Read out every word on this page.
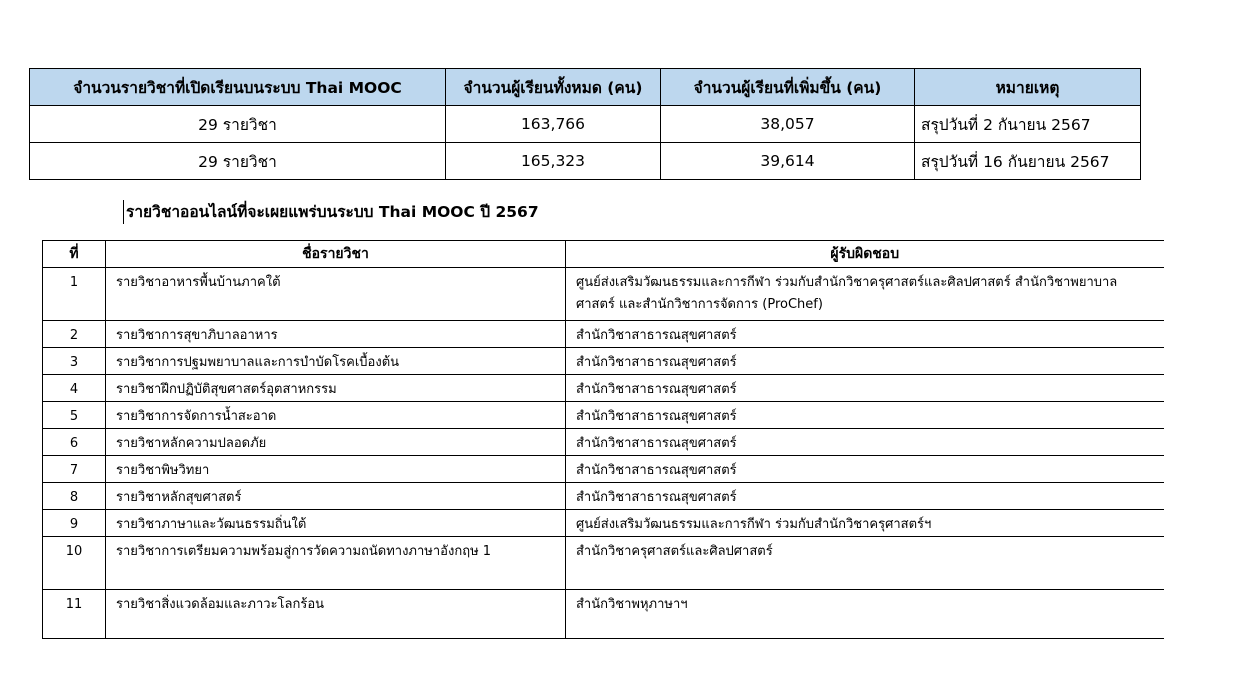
จำนวนรายวิชาที่เปิดเรียนบนระบบ Thai MOOC	จำนวนผู้เรียนทั้งหมด (คน)	จำนวนผู้เรียนที่เพิ่มขึ้น (คน)	หมายเหตุ
29 รายวิชา	163,766	38,057	สรุปวันที่ 2 กันายน 2567
29 รายวิชา	165,323	39,614	สรุปวันที่ 16 กันยายน 2567
รายวิชาออนไลน์ที่จะเผยแพร่บนระบบ Thai MOOC ปี 2567
ที่	ชื่อรายวิชา	ผู้รับผิดชอบ
1	รายวิชาอาหารพื้นบ้านภาคใต้	ศูนย์ส่งเสริมวัฒนธรรมและการกีฬา ร่วมกับสำนักวิชาครุศาสตร์และศิลปศาสตร์ สำนักวิชาพยาบาลศาสตร์ และสำนักวิชาการจัดการ (ProChef)
2	รายวิชาการสุขาภิบาลอาหาร	สำนักวิชาสาธารณสุขศาสตร์
3	รายวิชาการปฐมพยาบาลและการบำบัดโรคเบื้องต้น	สำนักวิชาสาธารณสุขศาสตร์
4	รายวิชาฝึกปฏิบัติสุขศาสตร์อุตสาหกรรม	สำนักวิชาสาธารณสุขศาสตร์
5	รายวิชาการจัดการน้ำสะอาด	สำนักวิชาสาธารณสุขศาสตร์
6	รายวิชาหลักความปลอดภัย	สำนักวิชาสาธารณสุขศาสตร์
7	รายวิชาพิษวิทยา	สำนักวิชาสาธารณสุขศาสตร์
8	รายวิชาหลักสุขศาสตร์	สำนักวิชาสาธารณสุขศาสตร์
9	รายวิชาภาษาและวัฒนธรรมถิ่นใต้	ศูนย์ส่งเสริมวัฒนธรรมและการกีฬา ร่วมกับสำนักวิชาครุศาสตร์ฯ
10	รายวิชาการเตรียมความพร้อมสู่การวัดความถนัดทางภาษาอังกฤษ 1	สำนักวิชาครุศาสตร์และศิลปศาสตร์
11	รายวิชาสิ่งแวดล้อมและภาวะโลกร้อน	สำนักวิชาพหุภาษาฯ
